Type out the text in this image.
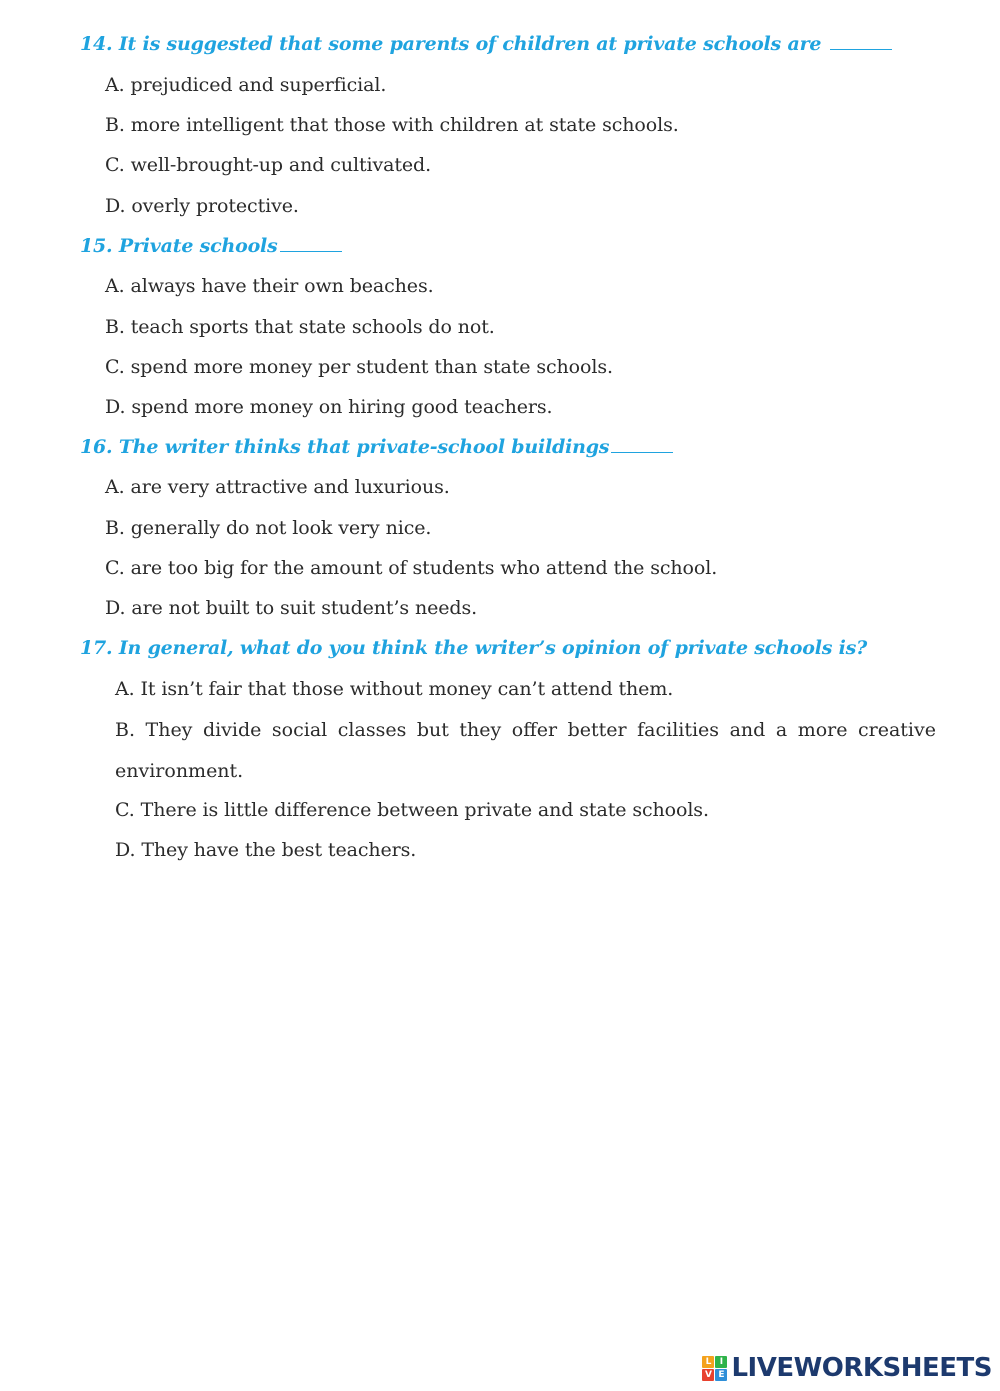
14. It is suggested that some parents of children at private schools are

A. prejudiced and superficial.

B. more intelligent that those with children at state schools.

C. well-brought-up and cultivated.

D. overly protective.

15. Private schools

A. always have their own beaches.

B. teach sports that state schools do not.

C. spend more money per student than state schools.

D. spend more money on hiring good teachers.

16. The writer thinks that private-school buildings

A. are very attractive and luxurious.

B. generally do not look very nice.

C. are too big for the amount of students who attend the school.

D. are not built to suit student’s needs.

17. In general, what do you think the writer’s opinion of private schools is?

A. It isn’t fair that those without money can’t attend them.

B. They divide social classes but they offer better facilities and a more creative environment.

C. There is little difference between private and state schools.

D. They have the best teachers.

L I
V E LIVEWORKSHEETS
